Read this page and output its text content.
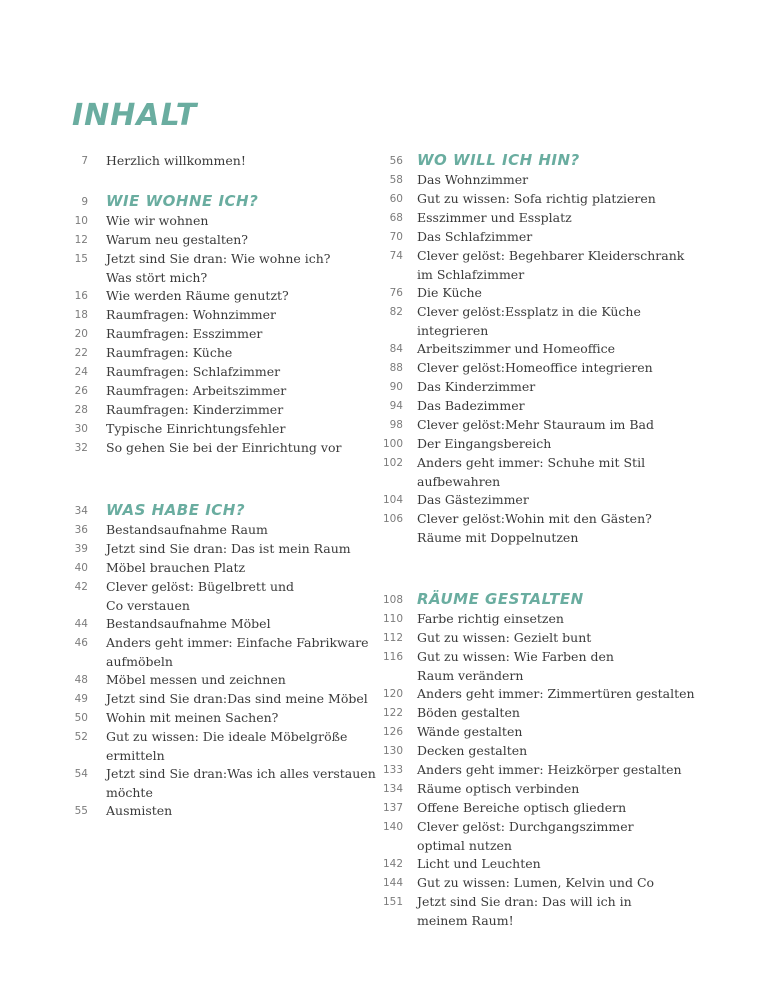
INHALT
7 Herzlich willkommen!
9 WIE WOHNE ICH?
10 Wie wir wohnen
12 Warum neu gestalten?
15 Jetzt sind Sie dran: Wie wohne ich?
Was stört mich?
16 Wie werden Räume genutzt?
18 Raumfragen: Wohnzimmer
20 Raumfragen: Esszimmer
22 Raumfragen: Küche
24 Raumfragen: Schlafzimmer
26 Raumfragen: Arbeitszimmer
28 Raumfragen: Kinderzimmer
30 Typische Einrichtungsfehler
32 So gehen Sie bei der Einrichtung vor
34 WAS HABE ICH?
36 Bestandsaufnahme Raum
39 Jetzt sind Sie dran: Das ist mein Raum
40 Möbel brauchen Platz
42 Clever gelöst: Bügelbrett und
Co verstauen
44 Bestandsaufnahme Möbel
46 Anders geht immer: Einfache Fabrikware
aufmöbeln
48 Möbel messen und zeichnen
49 Jetzt sind Sie dran:Das sind meine Möbel
50 Wohin mit meinen Sachen?
52 Gut zu wissen: Die ideale Möbelgröße
ermitteln
54 Jetzt sind Sie dran:Was ich alles verstauen
möchte
55 Ausmisten
56 WO WILL ICH HIN?
58 Das Wohnzimmer
60 Gut zu wissen: Sofa richtig platzieren
68 Esszimmer und Essplatz
70 Das Schlafzimmer
74 Clever gelöst: Begehbarer Kleiderschrank
im Schlafzimmer
76 Die Küche
82 Clever gelöst:Essplatz in die Küche
integrieren
84 Arbeitszimmer und Homeoffice
88 Clever gelöst:Homeoffice integrieren
90 Das Kinderzimmer
94 Das Badezimmer
98 Clever gelöst:Mehr Stauraum im Bad
100 Der Eingangsbereich
102 Anders geht immer: Schuhe mit Stil
aufbewahren
104 Das Gästezimmer
106 Clever gelöst:Wohin mit den Gästen?
Räume mit Doppelnutzen
108 RÄUME GESTALTEN
110 Farbe richtig einsetzen
112 Gut zu wissen: Gezielt bunt
116 Gut zu wissen: Wie Farben den
Raum verändern
120 Anders geht immer: Zimmertüren gestalten
122 Böden gestalten
126 Wände gestalten
130 Decken gestalten
133 Anders geht immer: Heizkörper gestalten
134 Räume optisch verbinden
137 Offene Bereiche optisch gliedern
140 Clever gelöst: Durchgangszimmer
optimal nutzen
142 Licht und Leuchten
144 Gut zu wissen: Lumen, Kelvin und Co
151 Jetzt sind Sie dran: Das will ich in
meinem Raum!
